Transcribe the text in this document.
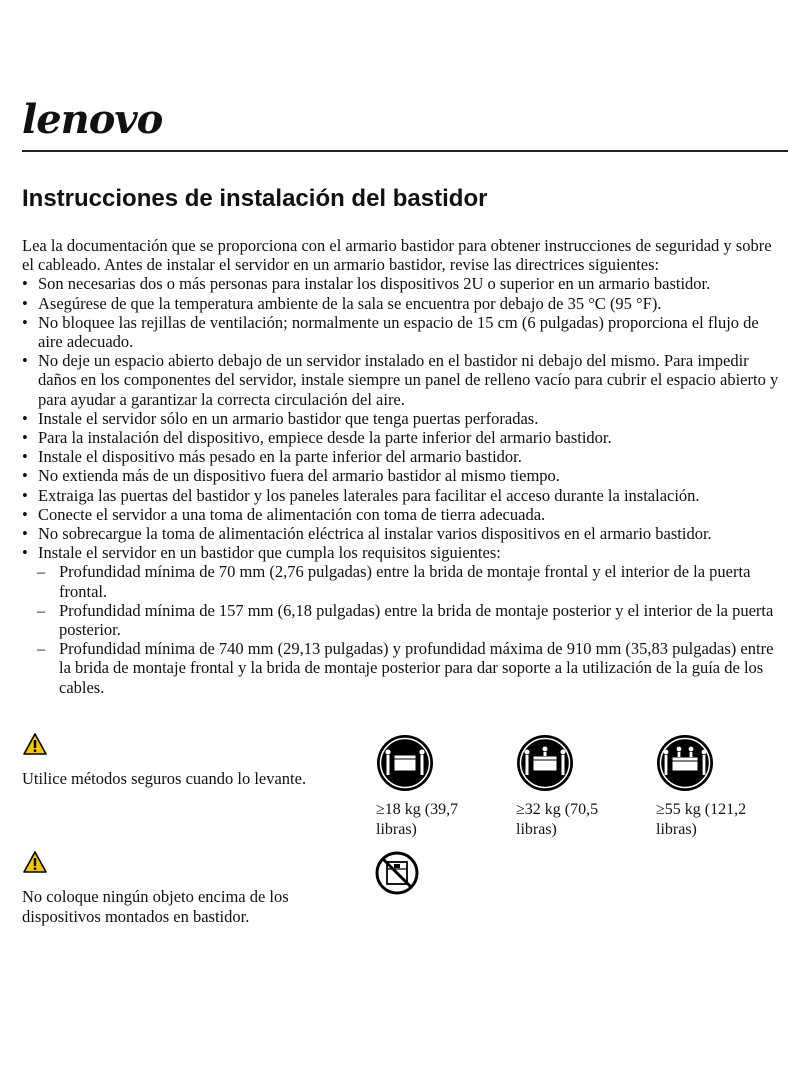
lenovo
Instrucciones de instalación del bastidor

Lea la documentación que se proporciona con el armario bastidor para obtener instrucciones de seguridad y sobre el cableado. Antes de instalar el servidor en un armario bastidor, revise las directrices siguientes:

• Son necesarias dos o más personas para instalar los dispositivos 2U o superior en un armario bastidor.
• Asegúrese de que la temperatura ambiente de la sala se encuentra por debajo de 35 °C (95 °F).
• No bloquee las rejillas de ventilación; normalmente un espacio de 15 cm (6 pulgadas) proporciona el flujo de aire adecuado.
• No deje un espacio abierto debajo de un servidor instalado en el bastidor ni debajo del mismo. Para impedir daños en los componentes del servidor, instale siempre un panel de relleno vacío para cubrir el espacio abierto y para ayudar a garantizar la correcta circulación del aire.
• Instale el servidor sólo en un armario bastidor que tenga puertas perforadas.
• Para la instalación del dispositivo, empiece desde la parte inferior del armario bastidor.
• Instale el dispositivo más pesado en la parte inferior del armario bastidor.
• No extienda más de un dispositivo fuera del armario bastidor al mismo tiempo.
• Extraiga las puertas del bastidor y los paneles laterales para facilitar el acceso durante la instalación.
• Conecte el servidor a una toma de alimentación con toma de tierra adecuada.
• No sobrecargue la toma de alimentación eléctrica al instalar varios dispositivos en el armario bastidor.
• Instale el servidor en un bastidor que cumpla los requisitos siguientes:
– Profundidad mínima de 70 mm (2,76 pulgadas) entre la brida de montaje frontal y el interior de la puerta frontal.
– Profundidad mínima de 157 mm (6,18 pulgadas) entre la brida de montaje posterior y el interior de la puerta posterior.
– Profundidad mínima de 740 mm (29,13 pulgadas) y profundidad máxima de 910 mm (35,83 pulgadas) entre la brida de montaje frontal y la brida de montaje posterior para dar soporte a la utilización de la guía de los cables.
Utilice métodos seguros cuando lo levante.
No coloque ningún objeto encima de los dispositivos montados en bastidor.
≥18 kg (39,7 libras)
≥32 kg (70,5 libras)
≥55 kg (121,2 libras)
